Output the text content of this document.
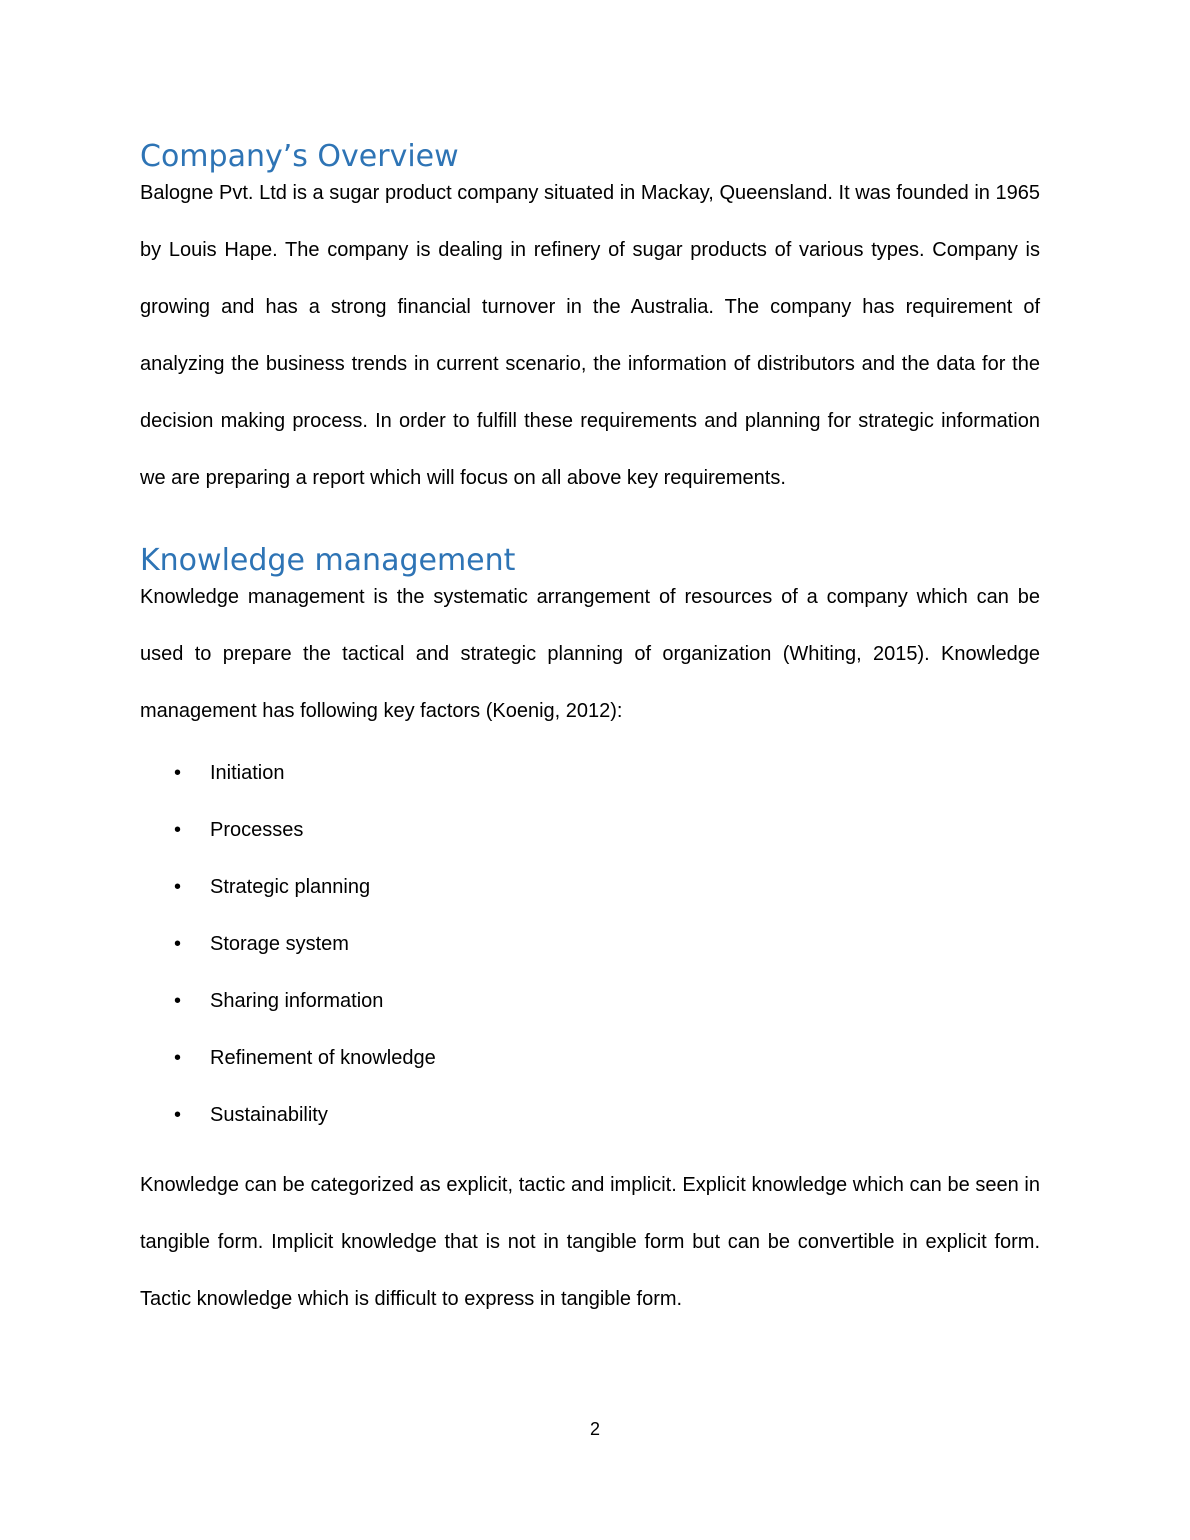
Company’s Overview

Balogne Pvt. Ltd is a sugar product company situated in Mackay, Queensland. It was founded in 1965 by Louis Hape. The company is dealing in refinery of sugar products of various types. Company is growing and has a strong financial turnover in the Australia. The company has requirement of analyzing the business trends in current scenario, the information of distributors and the data for the decision making process. In order to fulfill these requirements and planning for strategic information we are preparing a report which will focus on all above key requirements.

Knowledge management

Knowledge management is the systematic arrangement of resources of a company which can be used to prepare the tactical and strategic planning of organization (Whiting, 2015). Knowledge management has following key factors (Koenig, 2012):

• Initiation
• Processes
• Strategic planning
• Storage system
• Sharing information
• Refinement of knowledge
• Sustainability

Knowledge can be categorized as explicit, tactic and implicit. Explicit knowledge which can be seen in tangible form. Implicit knowledge that is not in tangible form but can be convertible in explicit form. Tactic knowledge which is difficult to express in tangible form.

2
